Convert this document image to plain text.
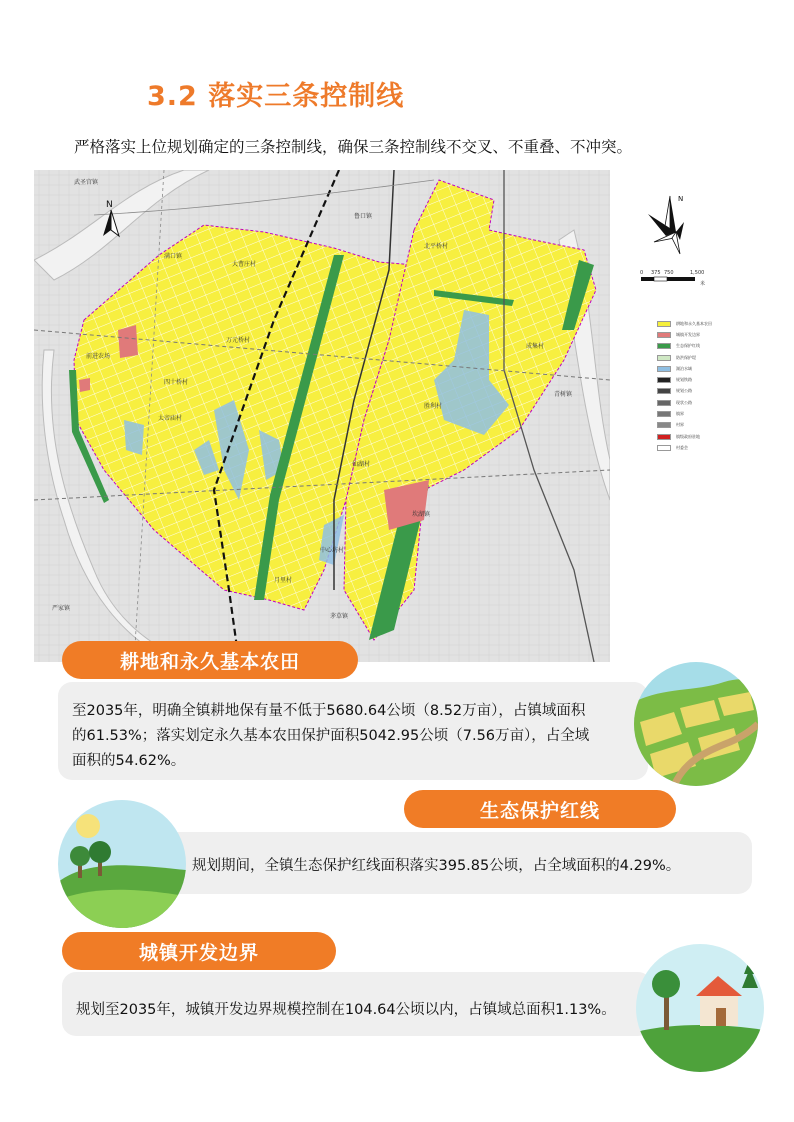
3.2 落实三条控制线
严格落实上位规划确定的三条控制线，确保三条控制线不交叉、不重叠、不冲突。
武圣宫镇
鲁口镇
满口镇
大曹庄村
前进农场
万元桥村
四十桥村
太帝庙村
北平桥村
成集村
青树镇
胜利村
仙湖村
坎湖镇
中心坊村
月里村
严家镇
茅草镇
N
N
0 375 750	1,500
米
耕地和永久基本农田
城镇开发边界
生态保护红线
防洪保护堤
湖泊水域
规划铁路
规划公路
现状公路
镇界
村界
镇级政府驻地
村委会
耕地和永久基本农田
至2035年，明确全镇耕地保有量不低于5680.64公顷（8.52万亩），占镇域面积
的61.53%；落实划定永久基本农田保护面积5042.95公顷（7.56万亩），占全域
面积的54.62%。
生态保护红线
规划期间，全镇生态保护红线面积落实395.85公顷，占全域面积的4.29%。
城镇开发边界
规划至2035年，城镇开发边界规模控制在104.64公顷以内，占镇域总面积1.13%。
